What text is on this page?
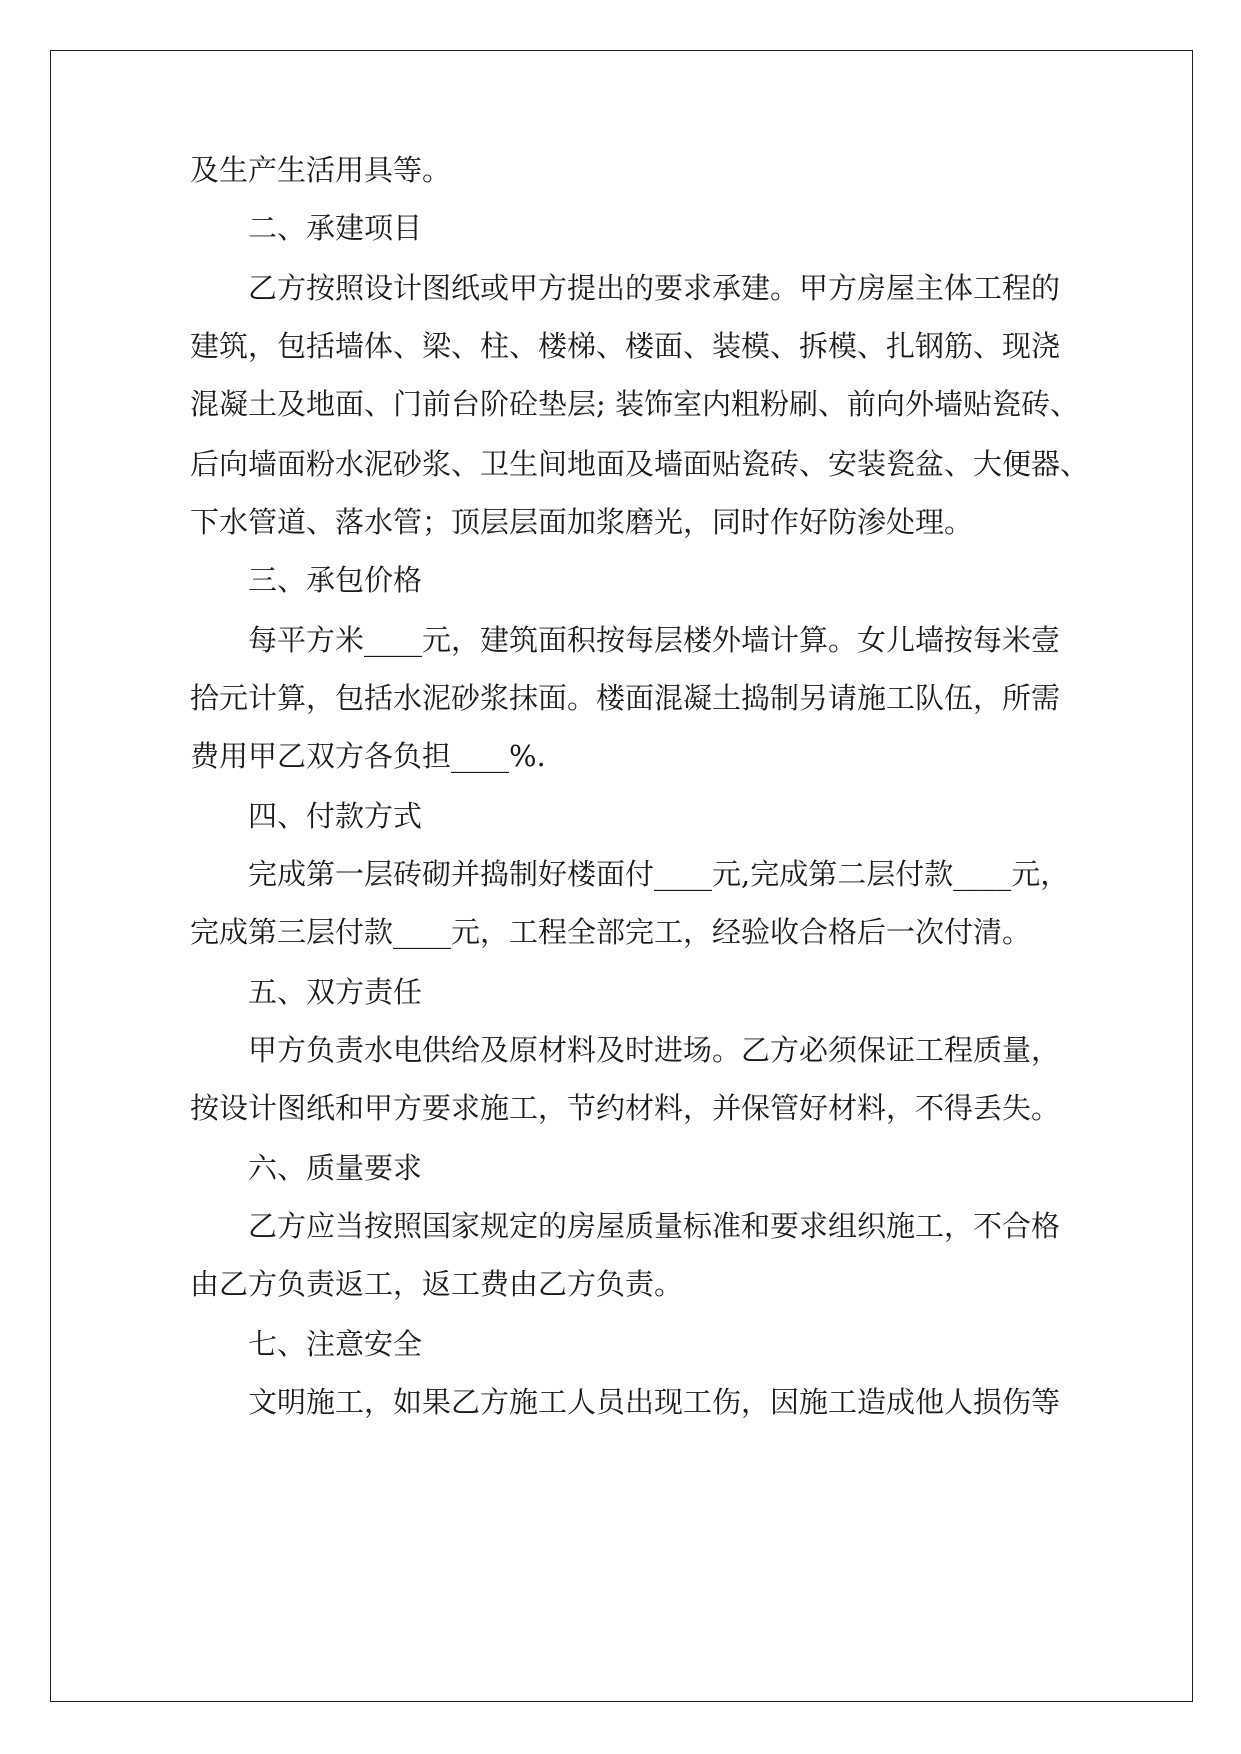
及生产生活用具等。
二、承建项目
乙方按照设计图纸或甲方提出的要求承建。甲方房屋主体工程的
建筑，包括墙体、梁、柱、楼梯、楼面、装模、拆模、扎钢筋、现浇
混凝土及地面、门前台阶砼垫层; 装饰室内粗粉刷、前向外墙贴瓷砖、
后向墙面粉水泥砂浆、卫生间地面及墙面贴瓷砖、安装瓷盆、大便器、
下水管道、落水管；顶层层面加浆磨光，同时作好防渗处理。
三、承包价格
每平方米____元，建筑面积按每层楼外墙计算。女儿墙按每米壹
拾元计算，包括水泥砂浆抹面。楼面混凝土捣制另请施工队伍，所需
费用甲乙双方各负担____%.
四、付款方式
完成第一层砖砌并捣制好楼面付____元,完成第二层付款____元，
完成第三层付款____元，工程全部完工，经验收合格后一次付清。
五、双方责任
甲方负责水电供给及原材料及时进场。乙方必须保证工程质量，
按设计图纸和甲方要求施工，节约材料，并保管好材料，不得丢失。
六、质量要求
乙方应当按照国家规定的房屋质量标准和要求组织施工，不合格
由乙方负责返工，返工费由乙方负责。
七、注意安全
文明施工，如果乙方施工人员出现工伤，因施工造成他人损伤等
